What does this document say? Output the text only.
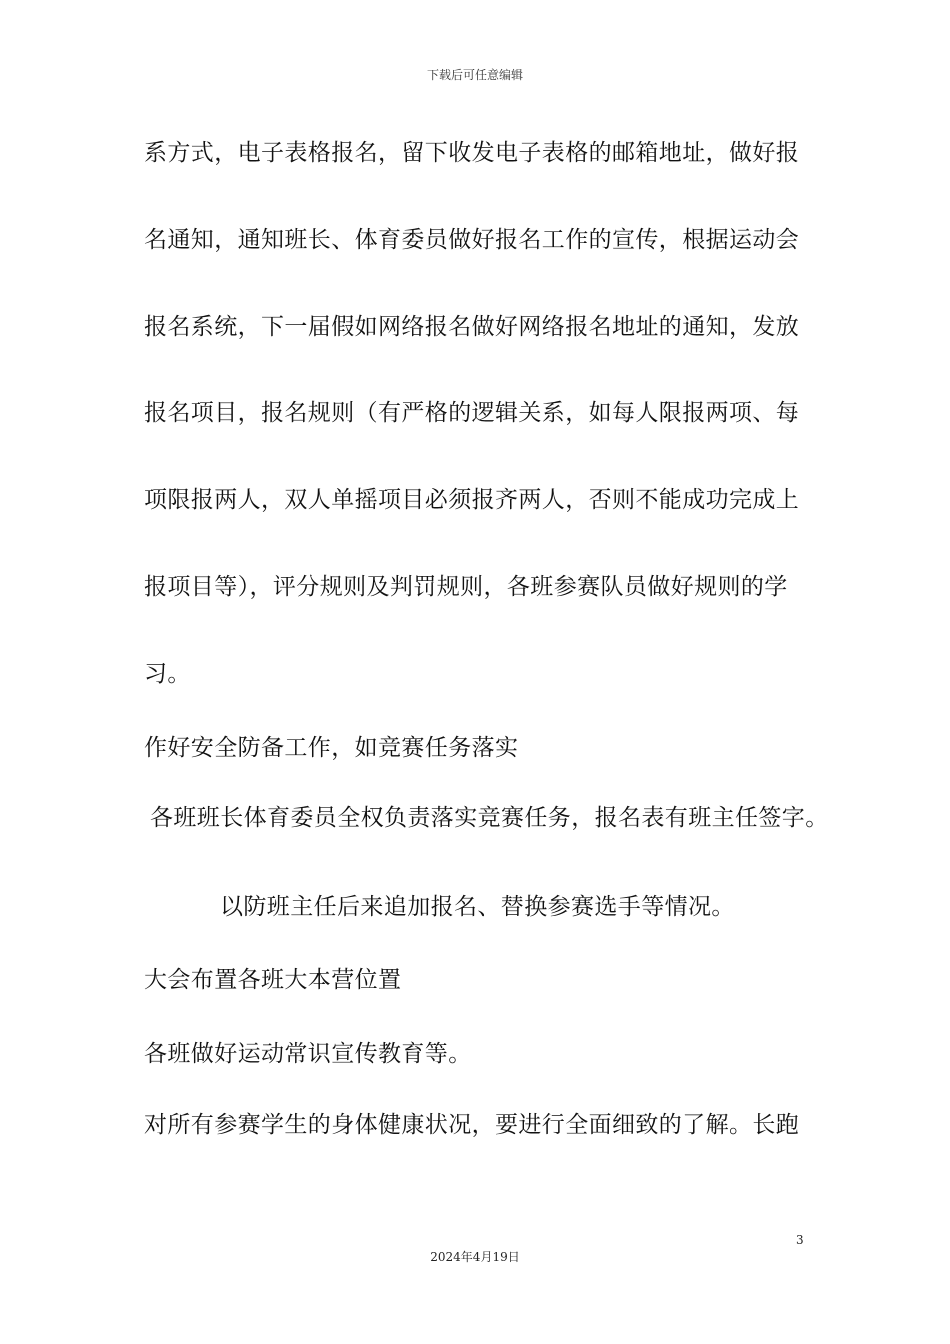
下载后可任意编辑
系方式，电子表格报名，留下收发电子表格的邮箱地址，做好报
名通知，通知班长、体育委员做好报名工作的宣传，根据运动会
报名系统，下一届假如网络报名做好网络报名地址的通知，发放
报名项目，报名规则（有严格的逻辑关系，如每人限报两项、每
项限报两人，双人单摇项目必须报齐两人，否则不能成功完成上
报项目等），评分规则及判罚规则，各班参赛队员做好规则的学
习。
作好安全防备工作，如竞赛任务落实
各班班长体育委员全权负责落实竞赛任务，报名表有班主任签字。
以防班主任后来追加报名、替换参赛选手等情况。
大会布置各班大本营位置
各班做好运动常识宣传教育等。
对所有参赛学生的身体健康状况，要进行全面细致的了解。长跑
3
2024年4月19日
